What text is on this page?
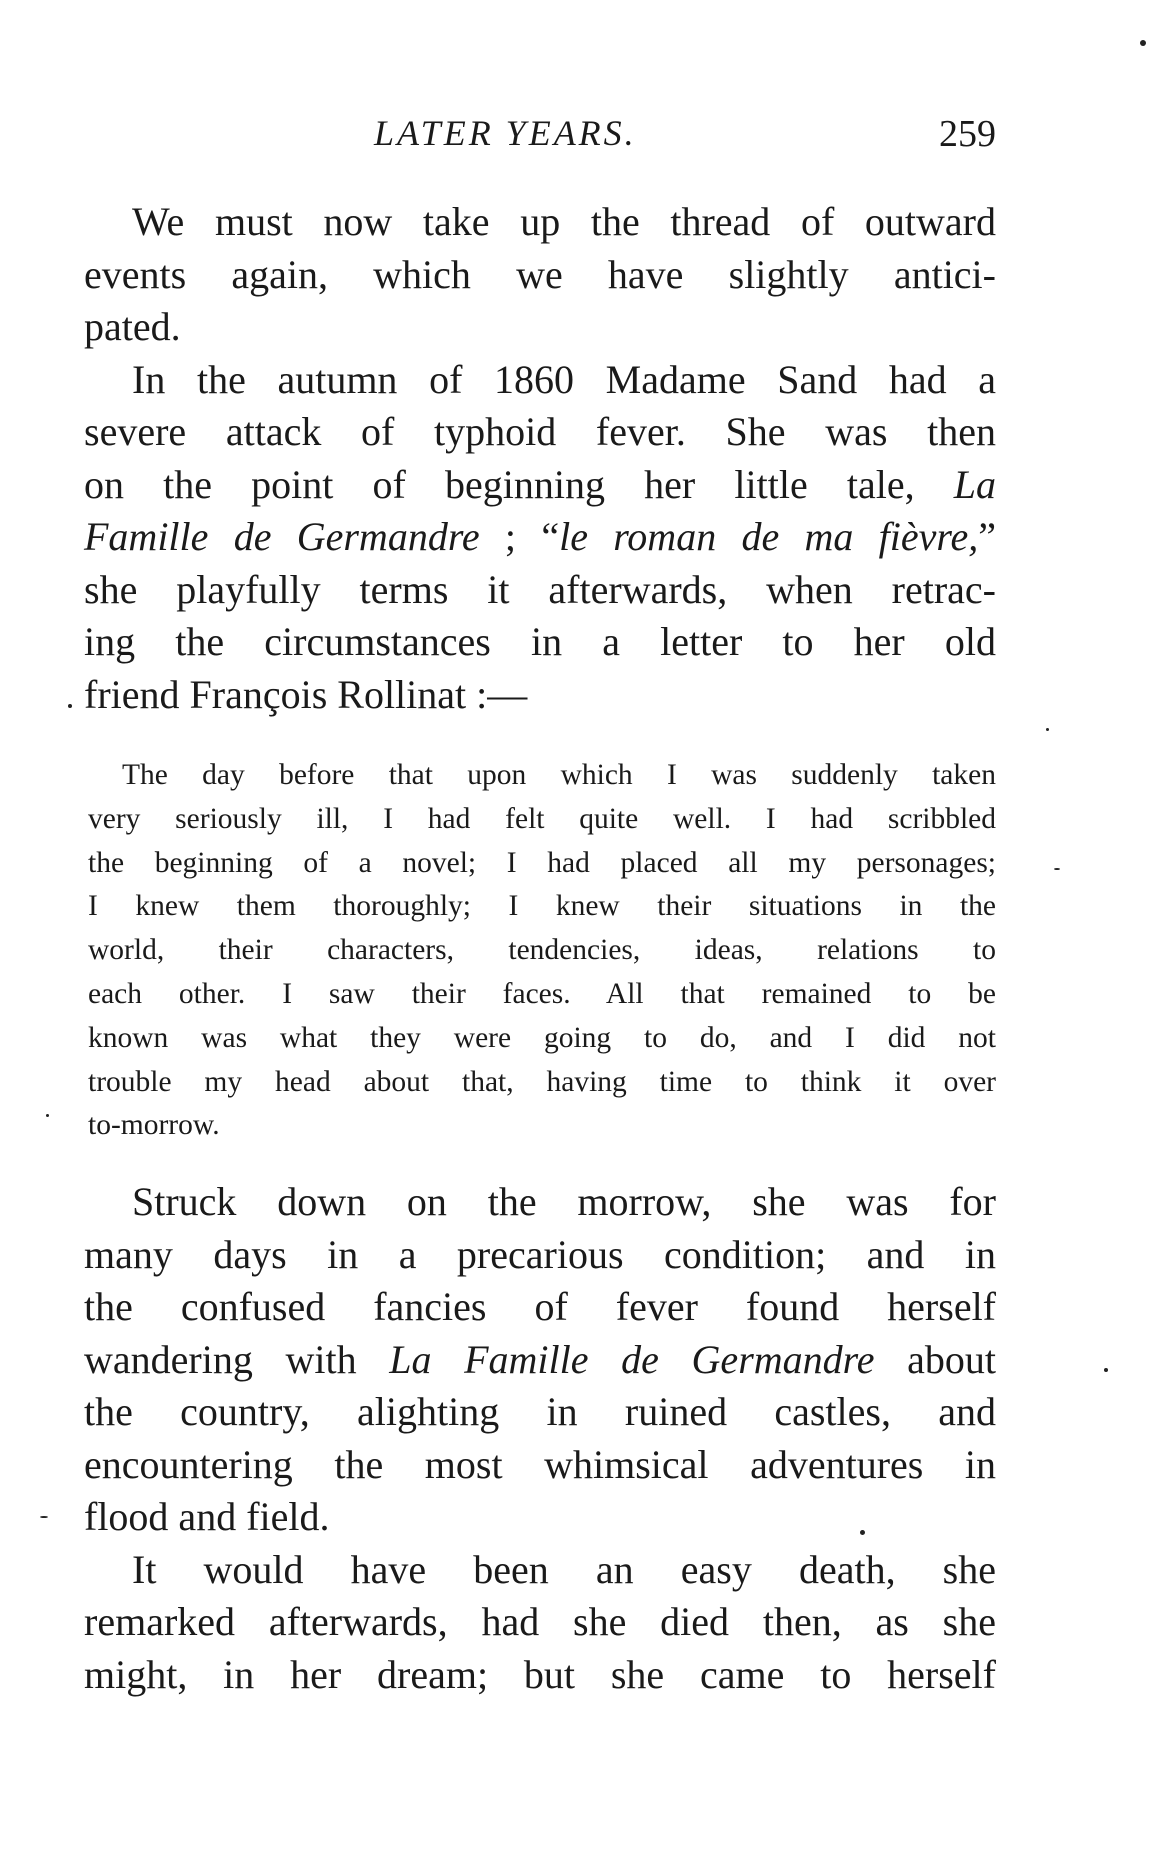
LATER YEARS.	259
We must now take up the thread of outward
events again, which we have slightly antici-
pated.
In the autumn of 1860 Madame Sand had a
severe attack of typhoid fever. She was then
on the point of beginning her little tale, La
Famille de Germandre ; “le roman de ma fièvre,”
she playfully terms it afterwards, when retrac-
ing the circumstances in a letter to her old
friend François Rollinat :—
The day before that upon which I was suddenly taken
very seriously ill, I had felt quite well. I had scribbled
the beginning of a novel; I had placed all my personages;
I knew them thoroughly; I knew their situations in the
world, their characters, tendencies, ideas, relations to
each other. I saw their faces. All that remained to be
known was what they were going to do, and I did not
trouble my head about that, having time to think it over
to-morrow.
Struck down on the morrow, she was for
many days in a precarious condition; and in
the confused fancies of fever found herself
wandering with La Famille de Germandre about
the country, alighting in ruined castles, and
encountering the most whimsical adventures in
flood and field.
It would have been an easy death, she
remarked afterwards, had she died then, as she
might, in her dream; but she came to herself
